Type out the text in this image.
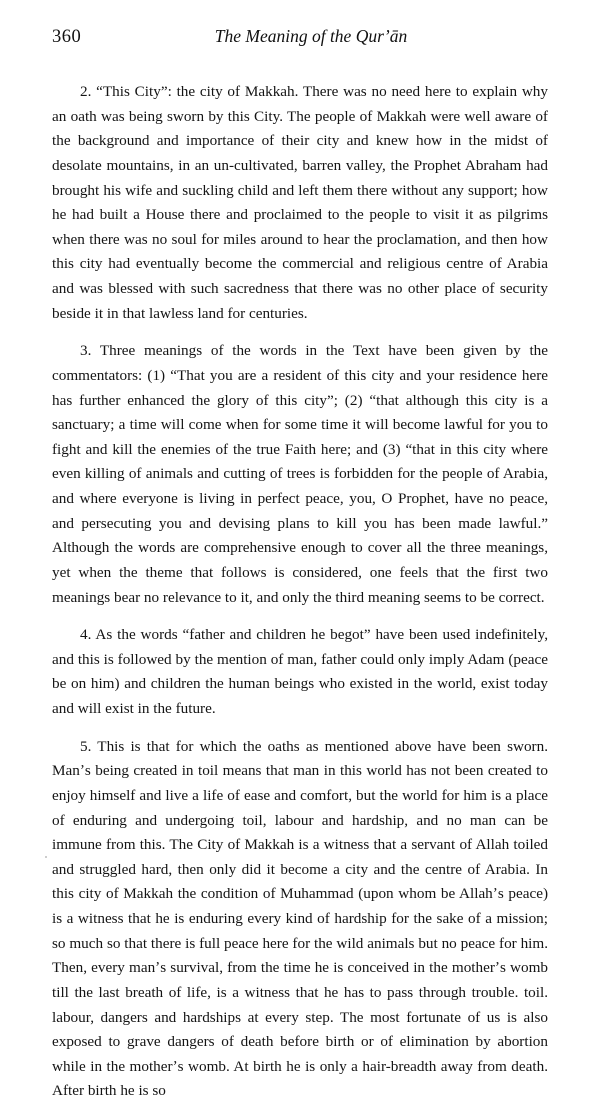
360	The Meaning of the Qurʼān

2. “This City”: the city of Makkah. There was no need here to explain why an oath was being sworn by this City. The people of Makkah were well aware of the background and importance of their city and knew how in the midst of desolate mountains, in an un-cultivated, barren valley, the Prophet Abraham had brought his wife and suckling child and left them there without any support; how he had built a House there and proclaimed to the people to visit it as pilgrims when there was no soul for miles around to hear the proclamation, and then how this city had eventually become the commercial and religious centre of Arabia and was blessed with such sacredness that there was no other place of security beside it in that lawless land for centuries.

3. Three meanings of the words in the Text have been given by the commentators: (1) “That you are a resident of this city and your residence here has further enhanced the glory of this city”; (2) “that although this city is a sanctuary; a time will come when for some time it will become lawful for you to fight and kill the enemies of the true Faith here; and (3) “that in this city where even killing of animals and cutting of trees is forbidden for the people of Arabia, and where everyone is living in perfect peace, you, O Prophet, have no peace, and persecuting you and devising plans to kill you has been made lawful.” Although the words are comprehensive enough to cover all the three meanings, yet when the theme that follows is considered, one feels that the first two meanings bear no relevance to it, and only the third meaning seems to be correct.

4. As the words “father and children he begot” have been used indefinitely, and this is followed by the mention of man, father could only imply Adam (peace be on him) and children the human beings who existed in the world, exist today and will exist in the future.

5. This is that for which the oaths as mentioned above have been sworn. Manʼs being created in toil means that man in this world has not been created to enjoy himself and live a life of ease and comfort, but the world for him is a place of enduring and undergoing toil, labour and hardship, and no man can be immune from this. The City of Makkah is a witness that a servant of Allah toiled and struggled hard, then only did it become a city and the centre of Arabia. In this city of Makkah the condition of Muhammad (upon whom be Allahʼs peace) is a witness that he is enduring every kind of hardship for the sake of a mission; so much so that there is full peace here for the wild animals but no peace for him. Then, every manʼs survival, from the time he is conceived in the motherʼs womb till the last breath of life, is a witness that he has to pass through trouble. toil. labour, dangers and hardships at every step. The most fortunate of us is also exposed to grave dangers of death before birth or of elimination by abortion while in the motherʼs womb. At birth he is only a hair-breadth away from death. After birth he is so
